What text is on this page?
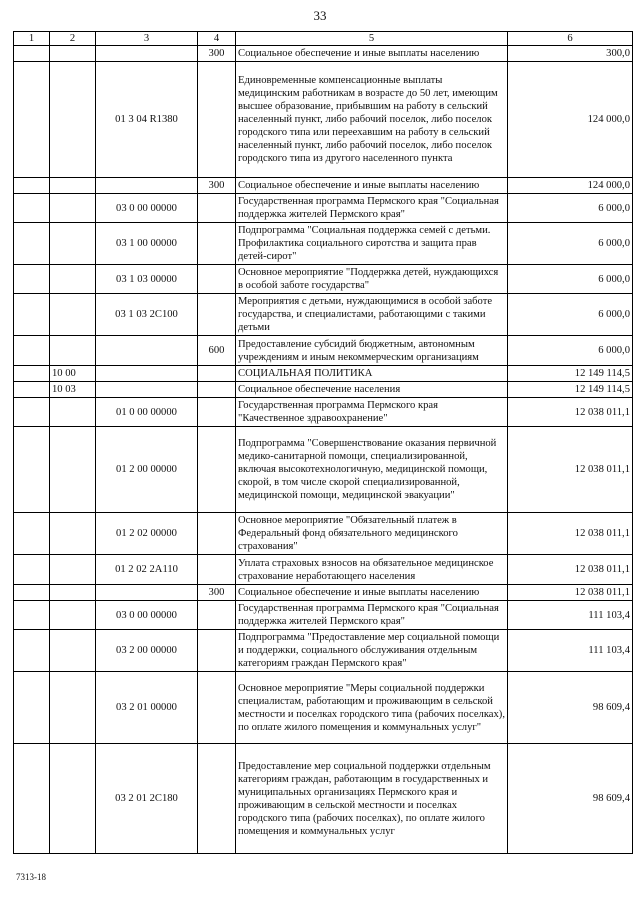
33
1	2	3	4	5	6
			300	Социальное обеспечение и иные выплаты населению	300,0
		01 3 04 R1380		Единовременные компенсационные выплаты медицинским работникам в возрасте до 50 лет, имеющим высшее образование, прибывшим на работу в сельский населенный пункт, либо рабочий поселок, либо поселок городского типа или переехавшим на работу в сельский населенный пункт, либо рабочий поселок, либо поселок городского типа из другого населенного пункта	124 000,0
			300	Социальное обеспечение и иные выплаты населению	124 000,0
		03 0 00 00000		Государственная программа Пермского края "Социальная поддержка жителей Пермского края"	6 000,0
		03 1 00 00000		Подпрограмма "Социальная поддержка семей с детьми. Профилактика социального сиротства и защита прав детей-сирот"	6 000,0
		03 1 03 00000		Основное мероприятие "Поддержка детей, нуждающихся в особой заботе государства"	6 000,0
		03 1 03 2C100		Мероприятия с детьми, нуждающимися в особой заботе государства, и специалистами, работающими с такими детьми	6 000,0
			600	Предоставление субсидий бюджетным, автономным учреждениям и иным некоммерческим организациям	6 000,0
	10 00			СОЦИАЛЬНАЯ ПОЛИТИКА	12 149 114,5
	10 03			Социальное обеспечение населения	12 149 114,5
		01 0 00 00000		Государственная программа Пермского края "Качественное здравоохранение"	12 038 011,1
		01 2 00 00000		Подпрограмма "Совершенствование оказания первичной медико-санитарной помощи, специализированной, включая высокотехнологичную, медицинской помощи, скорой, в том числе скорой специализированной, медицинской помощи, медицинской эвакуации"	12 038 011,1
		01 2 02 00000		Основное мероприятие "Обязательный платеж в Федеральный фонд обязательного медицинского страхования"	12 038 011,1
		01 2 02 2A110		Уплата страховых взносов на обязательное медицинское страхование неработающего населения	12 038 011,1
			300	Социальное обеспечение и иные выплаты населению	12 038 011,1
		03 0 00 00000		Государственная программа Пермского края "Социальная поддержка жителей Пермского края"	111 103,4
		03 2 00 00000		Подпрограмма "Предоставление мер социальной помощи и поддержки, социального обслуживания отдельным категориям граждан Пермского края"	111 103,4
		03 2 01 00000		Основное мероприятие "Меры социальной поддержки специалистам, работающим и проживающим в сельской местности и поселках городского типа (рабочих поселках), по оплате жилого помещения и коммунальных услуг"	98 609,4
		03 2 01 2C180		Предоставление мер социальной поддержки отдельным категориям граждан, работающим в государственных и муниципальных организациях Пермского края и проживающим в сельской местности и поселках городского типа (рабочих поселках), по оплате жилого помещения и коммунальных услуг	98 609,4
7313-18
